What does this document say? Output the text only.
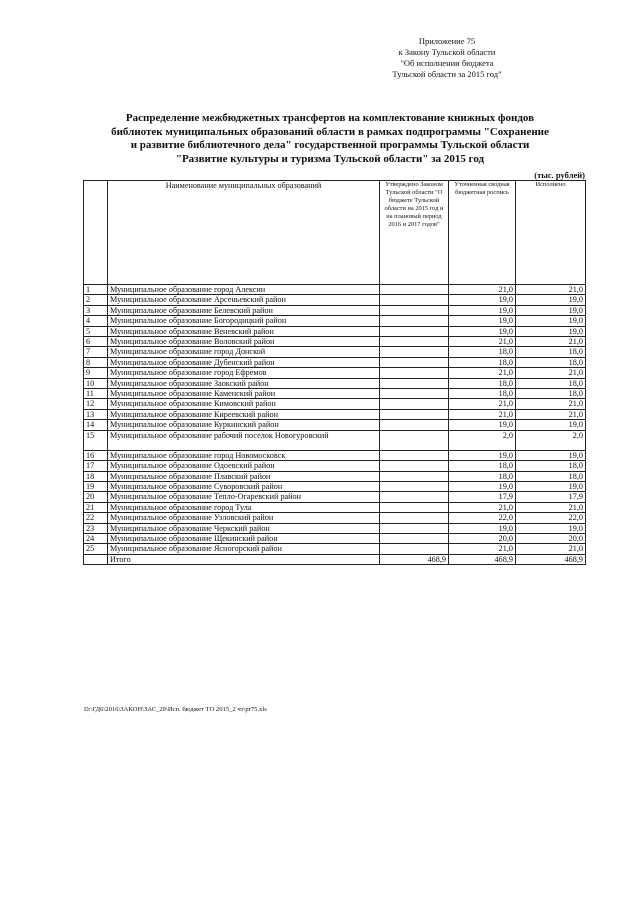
Приложение 75
к Закону Тульской области
"Об исполнении бюджета
Тульской области за 2015 год"
Распределение межбюджетных трансфертов на комплектование книжных фондов
библиотек муниципальных образований области в рамках подпрограммы "Сохранение
и развитие библиотечного дела" государственной программы Тульской области
"Развитие культуры и туризма Тульской области" за 2015 год
(тыс. рублей)
	Наименование муниципальных образований	Утверждено Законом Тульской области "О бюджете Тульской области на 2015 год и на плановый период 2016 и 2017 годов"	Уточненная сводная бюджетная роспись	Исполнено
1	Муниципальное образование город Алексин		21,0	21,0
2	Муниципальное образование Арсеньевский район		19,0	19,0
3	Муниципальное образование Белевский район		19,0	19,0
4	Муниципальное образование Богородицкий район		19,0	19,0
5	Муниципальное образование Веневский район		19,0	19,0
6	Муниципальное образование Воловский район		21,0	21,0
7	Муниципальное образование город Донской		18,0	18,0
8	Муниципальное образование Дубенский район		18,0	18,0
9	Муниципальное образование город Ефремов		21,0	21,0
10	Муниципальное образование Заокский район		18,0	18,0
11	Муниципальное образование Каменский район		18,0	18,0
12	Муниципальное образование Кимовский район		21,0	21,0
13	Муниципальное образование Киреевский район		21,0	21,0
14	Муниципальное образование Куркинский район		19,0	19,0
15	Муниципальное образование рабочий поселок Новогуровский		2,0	2,0
16	Муниципальное образование город Новомосковск		19,0	19,0
17	Муниципальное образование Одоевский район		18,0	18,0
18	Муниципальное образование Плавский район		18,0	18,0
19	Муниципальное образование Суворовский район		19,0	19,0
20	Муниципальное образование Тепло-Огаревский район		17,9	17,9
21	Муниципальное образование город Тула		21,0	21,0
22	Муниципальное образование Узловский район		22,0	22,0
23	Муниципальное образование Черкский район		19,0	19,0
24	Муниципальное образование Щекинский район		20,0	20,0
25	Муниципальное образование Ясногорский район		21,0	21,0
	Итого	468,9	468,9	468,9
D:\ГД6\2016\ЗАКОН\ЗАС_29\Исп. бюджет ТО 2015_2 чт\pr75.xls
